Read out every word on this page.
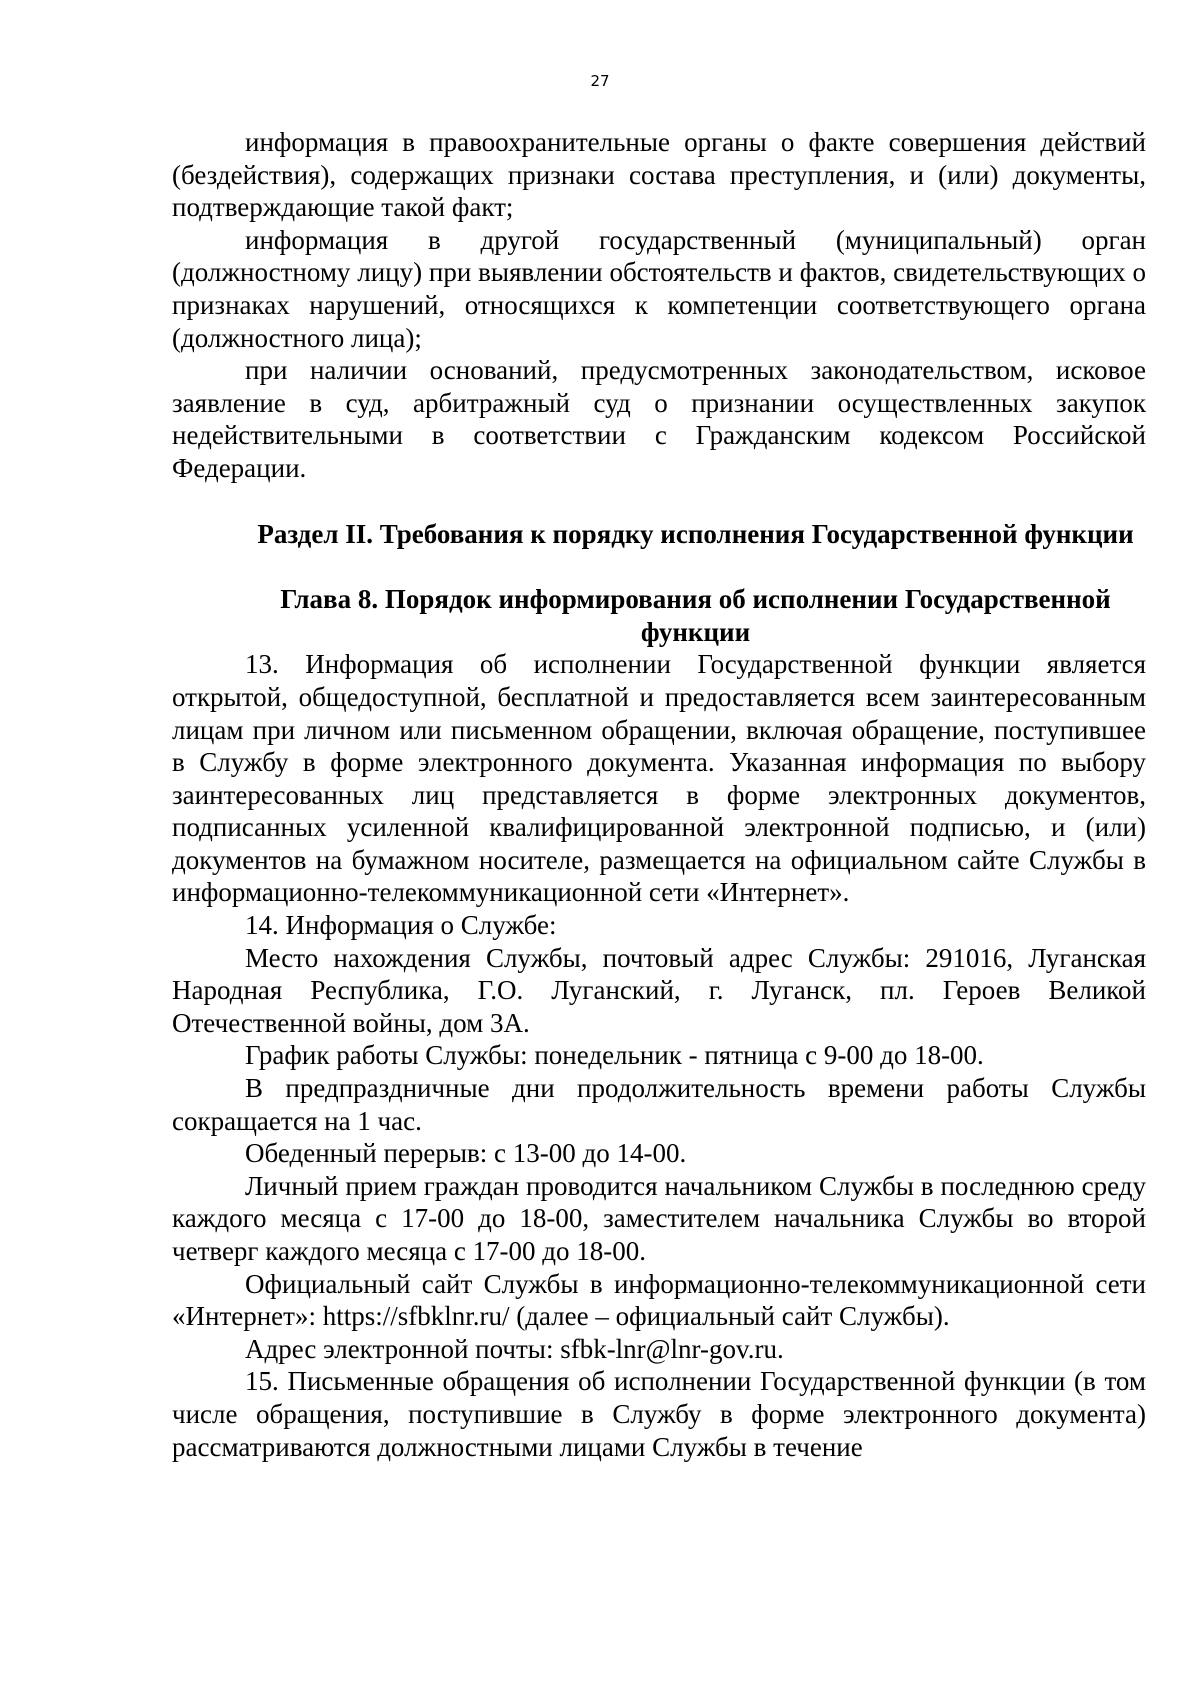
27

информация в правоохранительные органы о факте совершения действий (бездействия), содержащих признаки состава преступления, и (или) документы, подтверждающие такой факт;

информация в другой государственный (муниципальный) орган (должностному лицу) при выявлении обстоятельств и фактов, свидетельствующих о признаках нарушений, относящихся к компетенции соответствующего органа (должностного лица);

при наличии оснований, предусмотренных законодательством, исковое заявление в суд, арбитражный суд о признании осуществленных закупок недействительными в соответствии с Гражданским кодексом Российской Федерации.

Раздел II. Требования к порядку исполнения Государственной функции
Глава 8. Порядок информирования об исполнении Государственной функции

13. Информация об исполнении Государственной функции является открытой, общедоступной, бесплатной и предоставляется всем заинтересованным лицам при личном или письменном обращении, включая обращение, поступившее в Службу в форме электронного документа. Указанная информация по выбору заинтересованных лиц представляется в форме электронных документов, подписанных усиленной квалифицированной электронной подписью, и (или) документов на бумажном носителе, размещается на официальном сайте Службы в информационно-телекоммуникационной сети «Интернет».

14. Информация о Службе:

Место нахождения Службы, почтовый адрес Службы: 291016, Луганская Народная Республика, Г.О. Луганский, г. Луганск, пл. Героев Великой Отечественной войны, дом 3А.

График работы Службы: понедельник - пятница с 9-00 до 18-00.

В предпраздничные дни продолжительность времени работы Службы сокращается на 1 час.

Обеденный перерыв: с 13-00 до 14-00.

Личный прием граждан проводится начальником Службы в последнюю среду каждого месяца с 17-00 до 18-00, заместителем начальника Службы во второй четверг каждого месяца с 17-00 до 18-00.

Официальный сайт Службы в информационно-телекоммуникационной сети «Интернет»: https://sfbklnr.ru/ (далее – официальный сайт Службы).

Адрес электронной почты: sfbk-lnr@lnr-gov.ru.

15. Письменные обращения об исполнении Государственной функции (в том числе обращения, поступившие в Службу в форме электронного документа) рассматриваются должностными лицами Службы в течение
